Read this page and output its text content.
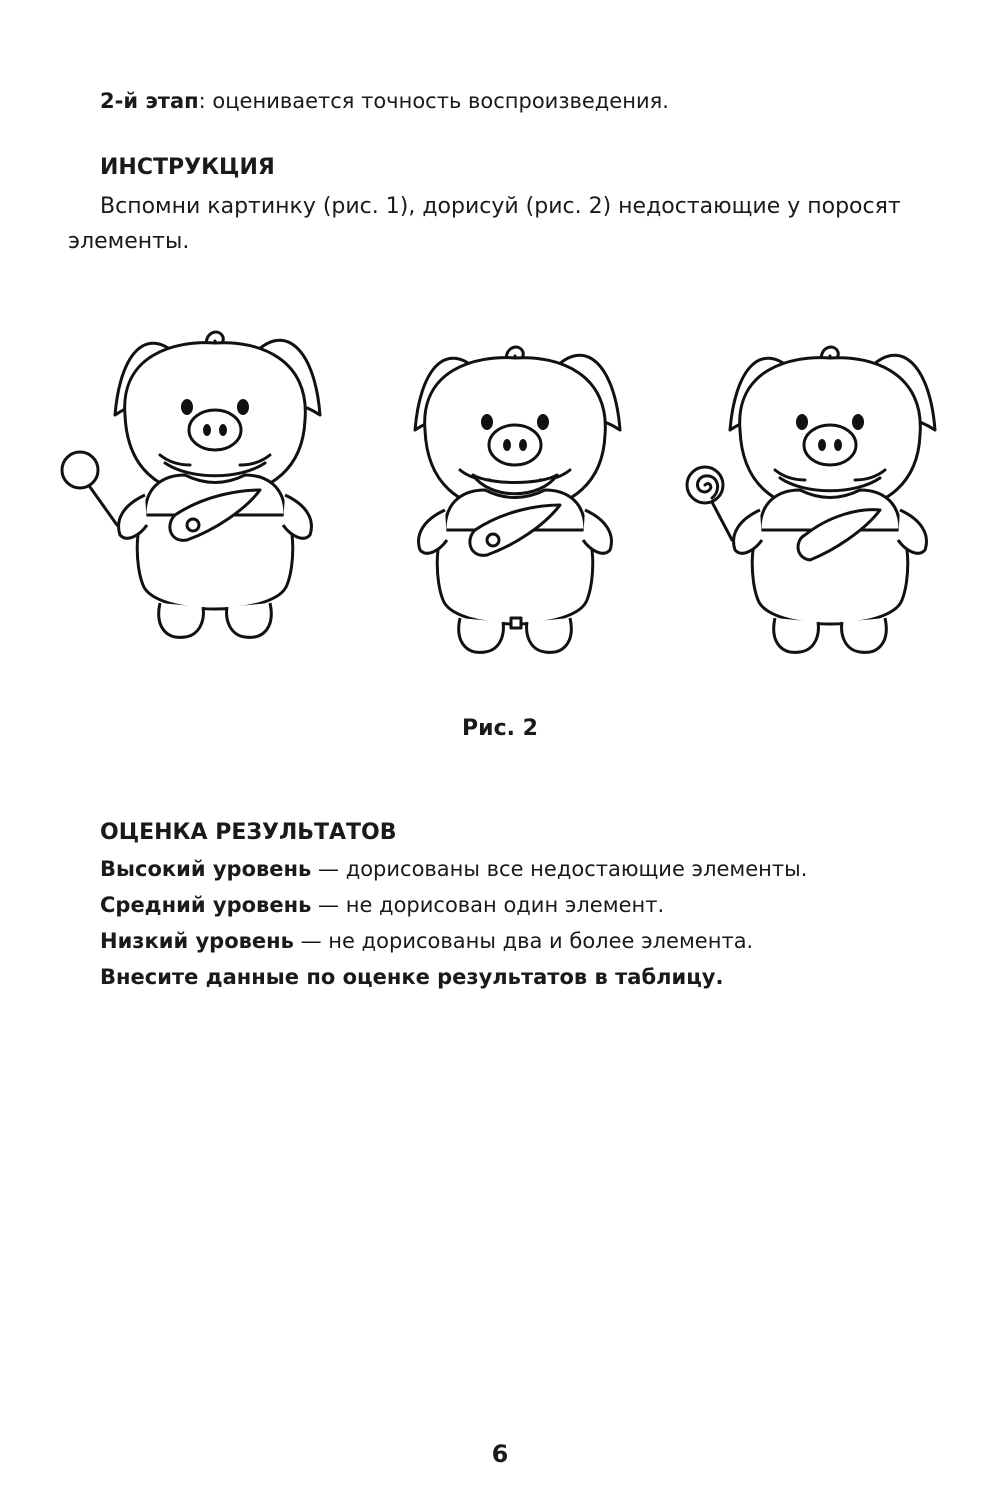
2-й этап: оценивается точность воспроизведения.
ИНСТРУКЦИЯ
Вспомни картинку (рис. 1), дорисуй (рис. 2) недостающие у поросят
элементы.
Рис. 2
ОЦЕНКА РЕЗУЛЬТАТОВ
Высокий уровень — дорисованы все недостающие элементы.
Средний уровень — не дорисован один элемент.
Низкий уровень — не дорисованы два и более элемента.
Внесите данные по оценке результатов в таблицу.
6
